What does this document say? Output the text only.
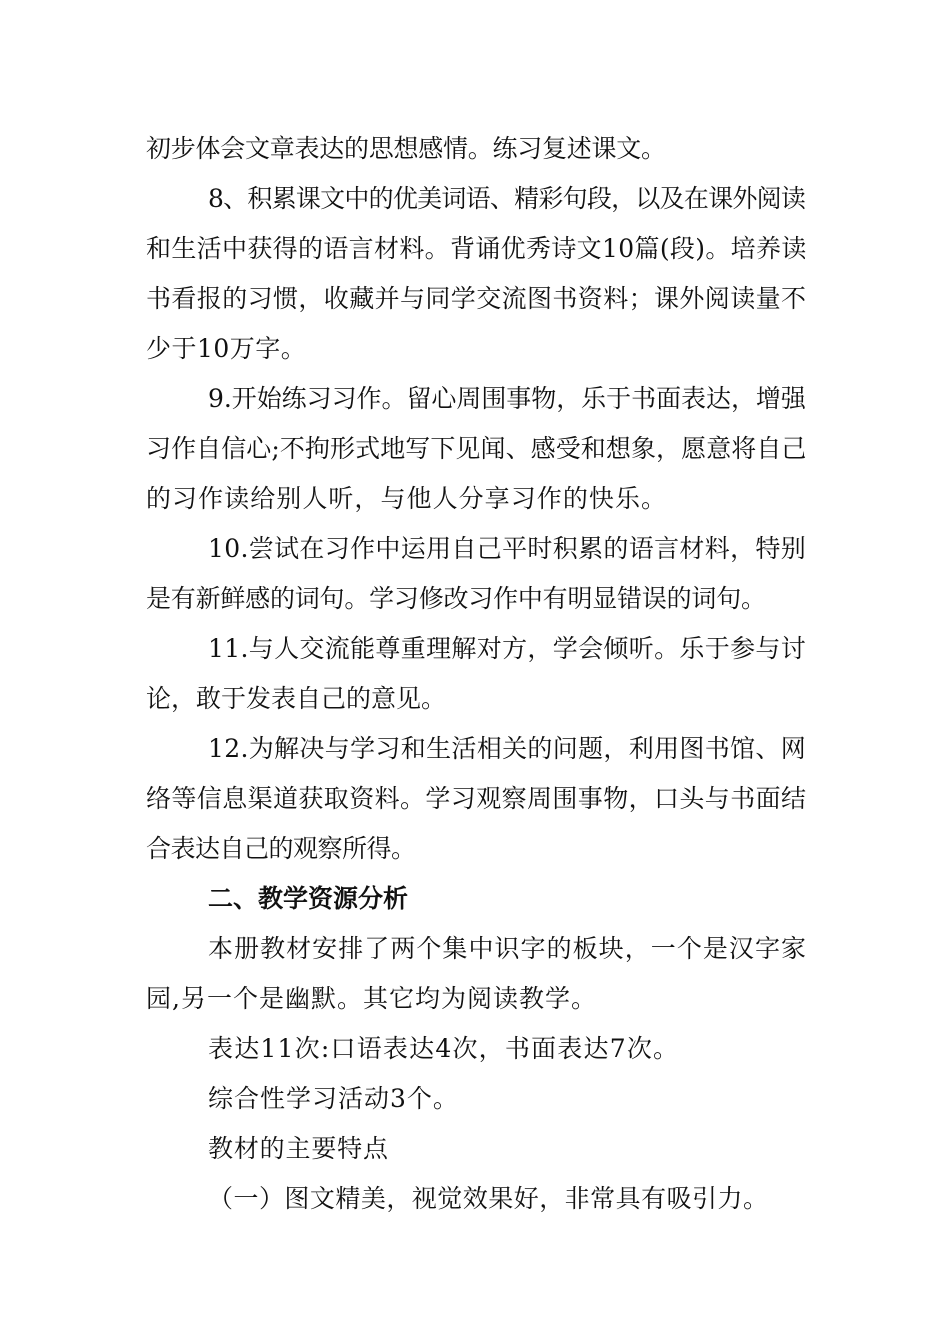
初步体会文章表达的思想感情。练习复述课文。
8、积累课文中的优美词语、精彩句段，以及在课外阅读
和生活中获得的语言材料。背诵优秀诗文10篇(段)。培养读
书看报的习惯，收藏并与同学交流图书资料；课外阅读量不
少于10万字。
9.开始练习习作。留心周围事物，乐于书面表达，增强
习作自信心;不拘形式地写下见闻、感受和想象，愿意将自己
的习作读给别人听，与他人分享习作的快乐。
10.尝试在习作中运用自己平时积累的语言材料，特别
是有新鲜感的词句。学习修改习作中有明显错误的词句。
11.与人交流能尊重理解对方，学会倾听。乐于参与讨
论，敢于发表自己的意见。
12.为解决与学习和生活相关的问题，利用图书馆、网
络等信息渠道获取资料。学习观察周围事物，口头与书面结
合表达自己的观察所得。
二、教学资源分析
本册教材安排了两个集中识字的板块，一个是汉字家
园,另一个是幽默。其它均为阅读教学。
表达11次:口语表达4次，书面表达7次。
综合性学习活动3个。
教材的主要特点
（一）图文精美，视觉效果好，非常具有吸引力。
